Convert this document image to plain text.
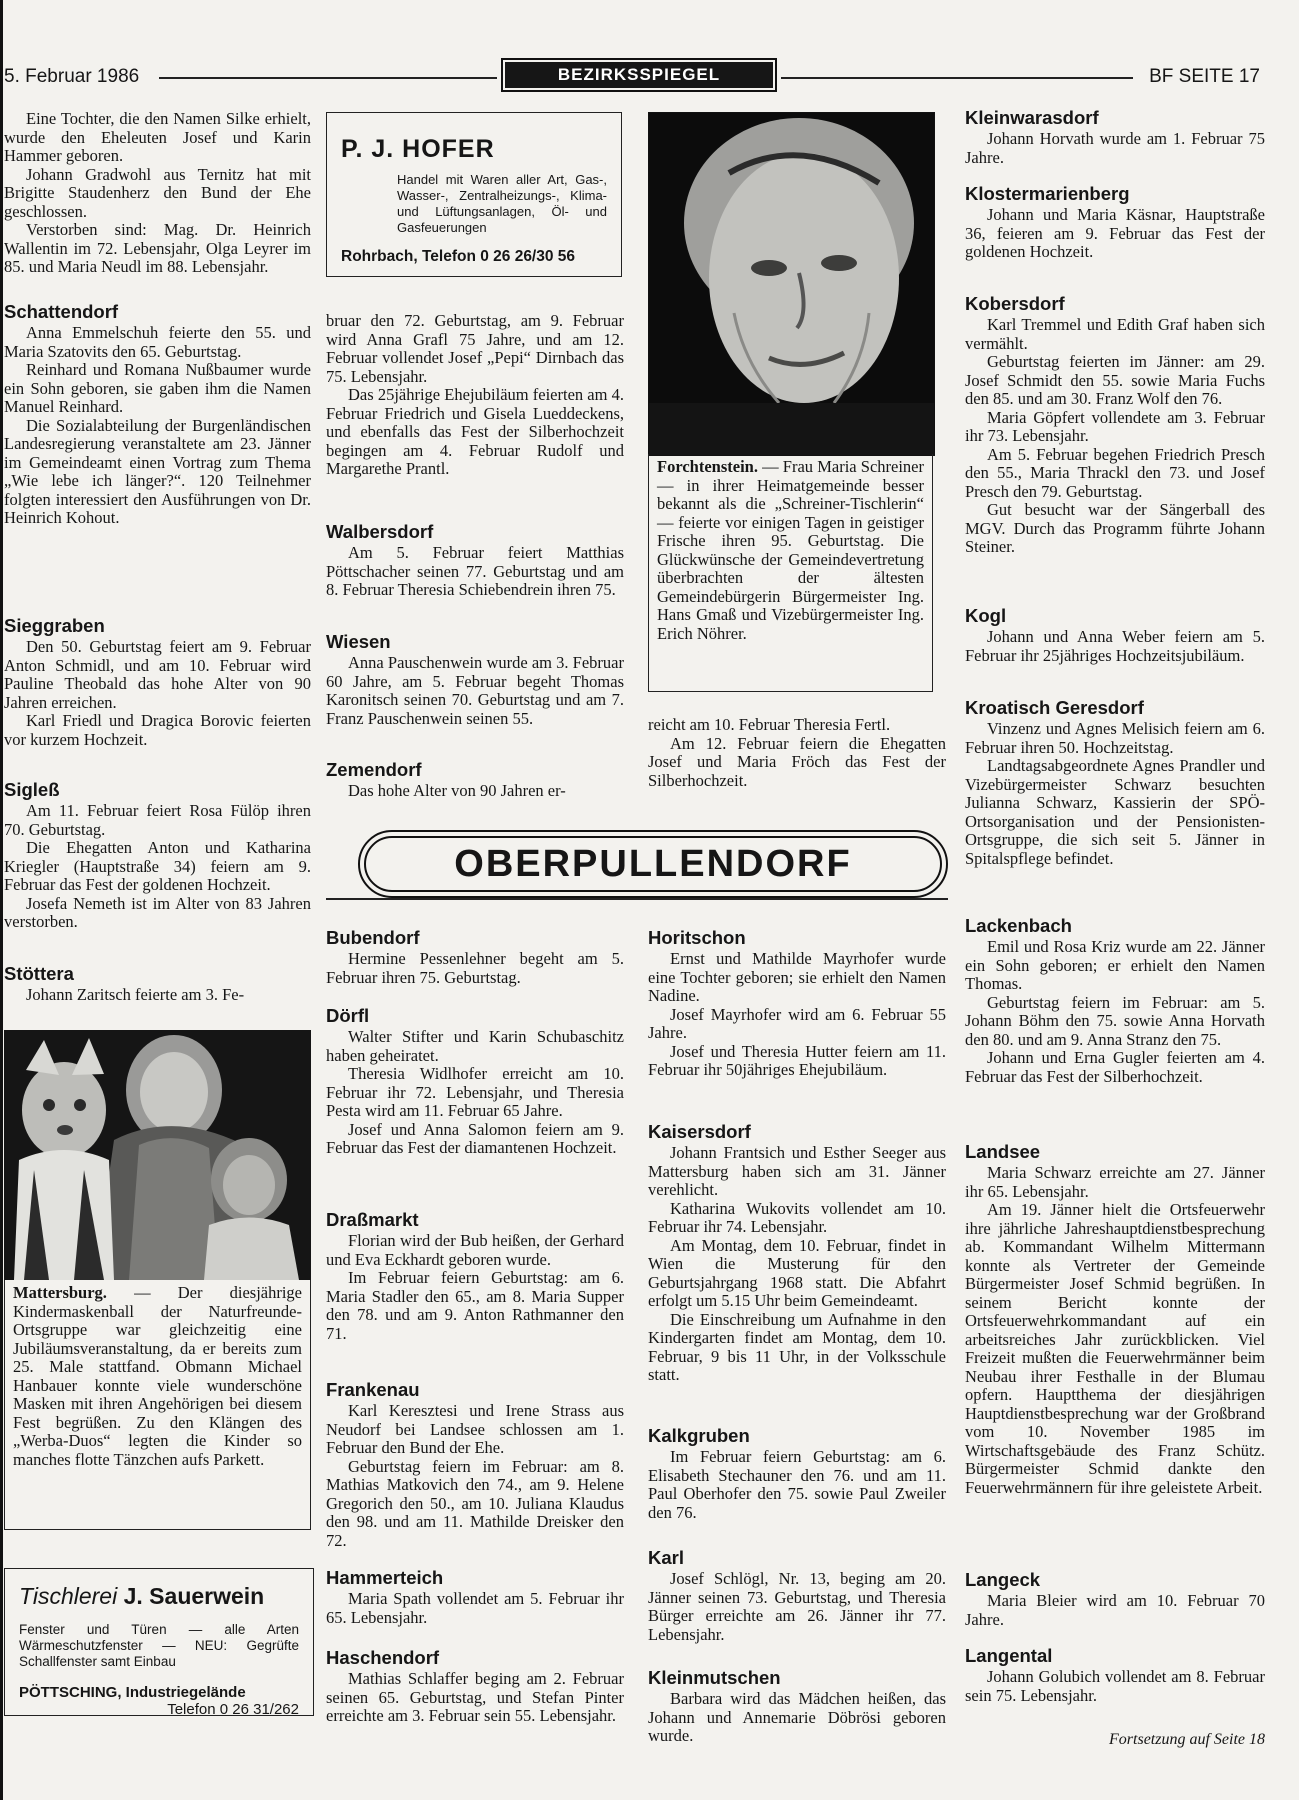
5. Februar 1986	BEZIRKSSPIEGEL	BF SEITE 17

Eine Tochter, die den Namen Silke erhielt, wurde den Eheleuten Josef und Karin Hammer geboren.

Johann Gradwohl aus Ternitz hat mit Brigitte Staudenherz den Bund der Ehe geschlossen.

Verstorben sind: Mag. Dr. Heinrich Wallentin im 72. Lebensjahr, Olga Leyrer im 85. und Maria Neudl im 88. Lebensjahr.

Schattendorf

Anna Emmelschuh feierte den 55. und Maria Szatovits den 65. Geburtstag.

Reinhard und Romana Nußbaumer wurde ein Sohn geboren, sie gaben ihm die Namen Manuel Reinhard.

Die Sozialabteilung der Burgenländischen Landesregierung veranstaltete am 23. Jänner im Gemeindeamt einen Vortrag zum Thema „Wie lebe ich länger?“. 120 Teilnehmer folgten interessiert den Ausführungen von Dr. Heinrich Kohout.

Sieggraben

Den 50. Geburtstag feiert am 9. Februar Anton Schmidl, und am 10. Februar wird Pauline Theobald das hohe Alter von 90 Jahren erreichen.

Karl Friedl und Dragica Borovic feierten vor kurzem Hochzeit.

Sigleß

Am 11. Februar feiert Rosa Fülöp ihren 70. Geburtstag.

Die Ehegatten Anton und Katharina Kriegler (Hauptstraße 34) feiern am 9. Februar das Fest der goldenen Hochzeit.

Josefa Nemeth ist im Alter von 83 Jahren verstorben.

Stöttera

Johann Zaritsch feierte am 3. Fe-

Mattersburg. — Der diesjährige Kindermaskenball der Naturfreunde-Ortsgruppe war gleichzeitig eine Jubiläumsveranstaltung, da er bereits zum 25. Male stattfand. Obmann Michael Hanbauer konnte viele wunderschöne Masken mit ihren Angehörigen bei diesem Fest begrüßen. Zu den Klängen des „Werba-Duos“ legten die Kinder so manches flotte Tänzchen aufs Parkett.

Tischlerei J. Sauerwein
Fenster und Türen — alle Arten Wärmeschutzfenster — NEU: Gegrüfte Schallfenster samt Einbau
PÖTTSCHING, Industriegelände
Telefon 0 26 31/262
P. J. HOFER
Handel mit Waren aller Art, Gas-, Wasser-, Zentralheizungs-, Klima- und Lüftungsanlagen, Öl- und Gasfeuerungen
Rohrbach, Telefon 0 26 26/30 56

bruar den 72. Geburtstag, am 9. Februar wird Anna Grafl 75 Jahre, und am 12. Februar vollendet Josef „Pepi“ Dirnbach das 75. Lebensjahr.

Das 25jährige Ehejubiläum feierten am 4. Februar Friedrich und Gisela Lueddeckens, und ebenfalls das Fest der Silberhochzeit begingen am 4. Februar Rudolf und Margarethe Prantl.

Walbersdorf

Am 5. Februar feiert Matthias Pöttschacher seinen 77. Geburtstag und am 8. Februar Theresia Schiebendrein ihren 75.

Wiesen

Anna Pauschenwein wurde am 3. Februar 60 Jahre, am 5. Februar begeht Thomas Karonitsch seinen 70. Geburtstag und am 7. Franz Pauschenwein seinen 55.

Zemendorf

Das hohe Alter von 90 Jahren er-

Forchtenstein. — Frau Maria Schreiner — in ihrer Heimatgemeinde besser bekannt als die „Schreiner-Tischlerin“ — feierte vor einigen Tagen in geistiger Frische ihren 95. Geburtstag. Die Glückwünsche der Gemeindevertretung überbrachten der ältesten Gemeindebürgerin Bürgermeister Ing. Hans Gmaß und Vizebürgermeister Ing. Erich Nöhrer.

reicht am 10. Februar Theresia Fertl.

Am 12. Februar feiern die Ehegatten Josef und Maria Fröch das Fest der Silberhochzeit.

OBERPULLENDORF
Bubendorf

Hermine Pessenlehner begeht am 5. Februar ihren 75. Geburtstag.

Dörfl

Walter Stifter und Karin Schubaschitz haben geheiratet.

Theresia Widlhofer erreicht am 10. Februar ihr 72. Lebensjahr, und Theresia Pesta wird am 11. Februar 65 Jahre.

Josef und Anna Salomon feiern am 9. Februar das Fest der diamantenen Hochzeit.

Draßmarkt

Florian wird der Bub heißen, der Gerhard und Eva Eckhardt geboren wurde.

Im Februar feiern Geburtstag: am 6. Maria Stadler den 65., am 8. Maria Supper den 78. und am 9. Anton Rathmanner den 71.

Frankenau

Karl Keresztesi und Irene Strass aus Neudorf bei Landsee schlossen am 1. Februar den Bund der Ehe.

Geburtstag feiern im Februar: am 8. Mathias Matkovich den 74., am 9. Helene Gregorich den 50., am 10. Juliana Klaudus den 98. und am 11. Mathilde Dreisker den 72.

Hammerteich

Maria Spath vollendet am 5. Februar ihr 65. Lebensjahr.

Haschendorf

Mathias Schlaffer beging am 2. Februar seinen 65. Geburtstag, und Stefan Pinter erreichte am 3. Februar sein 55. Lebensjahr.

Horitschon

Ernst und Mathilde Mayrhofer wurde eine Tochter geboren; sie erhielt den Namen Nadine.

Josef Mayrhofer wird am 6. Februar 55 Jahre.

Josef und Theresia Hutter feiern am 11. Februar ihr 50jähriges Ehejubiläum.

Kaisersdorf

Johann Frantsich und Esther Seeger aus Mattersburg haben sich am 31. Jänner verehlicht.

Katharina Wukovits vollendet am 10. Februar ihr 74. Lebensjahr.

Am Montag, dem 10. Februar, findet in Wien die Musterung für den Geburtsjahrgang 1968 statt. Die Abfahrt erfolgt um 5.15 Uhr beim Gemeindeamt.

Die Einschreibung um Aufnahme in den Kindergarten findet am Montag, dem 10. Februar, 9 bis 11 Uhr, in der Volksschule statt.

Kalkgruben

Im Februar feiern Geburtstag: am 6. Elisabeth Stechauner den 76. und am 11. Paul Oberhofer den 75. sowie Paul Zweiler den 76.

Karl

Josef Schlögl, Nr. 13, beging am 20. Jänner seinen 73. Geburtstag, und Theresia Bürger erreichte am 26. Jänner ihr 77. Lebensjahr.

Kleinmutschen

Barbara wird das Mädchen heißen, das Johann und Annemarie Döbrösi geboren wurde.

Kleinwarasdorf

Johann Horvath wurde am 1. Februar 75 Jahre.

Klostermarienberg

Johann und Maria Käsnar, Hauptstraße 36, feieren am 9. Februar das Fest der goldenen Hochzeit.

Kobersdorf

Karl Tremmel und Edith Graf haben sich vermählt.

Geburtstag feierten im Jänner: am 29. Josef Schmidt den 55. sowie Maria Fuchs den 85. und am 30. Franz Wolf den 76.

Maria Göpfert vollendete am 3. Februar ihr 73. Lebensjahr.

Am 5. Februar begehen Friedrich Presch den 55., Maria Thrackl den 73. und Josef Presch den 79. Geburtstag.

Gut besucht war der Sängerball des MGV. Durch das Programm führte Johann Steiner.

Kogl

Johann und Anna Weber feiern am 5. Februar ihr 25jähriges Hochzeitsjubiläum.

Kroatisch Geresdorf

Vinzenz und Agnes Melisich feiern am 6. Februar ihren 50. Hochzeitstag.

Landtagsabgeordnete Agnes Prandler und Vizebürgermeister Schwarz besuchten Julianna Schwarz, Kassierin der SPÖ-Ortsorganisation und der Pensionisten-Ortsgruppe, die sich seit 5. Jänner in Spitalspflege befindet.

Lackenbach

Emil und Rosa Kriz wurde am 22. Jänner ein Sohn geboren; er erhielt den Namen Thomas.

Geburtstag feiern im Februar: am 5. Johann Böhm den 75. sowie Anna Horvath den 80. und am 9. Anna Stranz den 75.

Johann und Erna Gugler feierten am 4. Februar das Fest der Silberhochzeit.

Landsee

Maria Schwarz erreichte am 27. Jänner ihr 65. Lebensjahr.

Am 19. Jänner hielt die Ortsfeuerwehr ihre jährliche Jahreshauptdienstbesprechung ab. Kommandant Wilhelm Mittermann konnte als Vertreter der Gemeinde Bürgermeister Josef Schmid begrüßen. In seinem Bericht konnte der Ortsfeuerwehrkommandant auf ein arbeitsreiches Jahr zurückblicken. Viel Freizeit mußten die Feuerwehrmänner beim Neubau ihrer Festhalle in der Blumau opfern. Hauptthema der diesjährigen Hauptdienstbesprechung war der Großbrand vom 10. November 1985 im Wirtschaftsgebäude des Franz Schütz. Bürgermeister Schmid dankte den Feuerwehrmännern für ihre geleistete Arbeit.

Langeck

Maria Bleier wird am 10. Februar 70 Jahre.

Langental

Johann Golubich vollendet am 8. Februar sein 75. Lebensjahr.

Fortsetzung auf Seite 18
